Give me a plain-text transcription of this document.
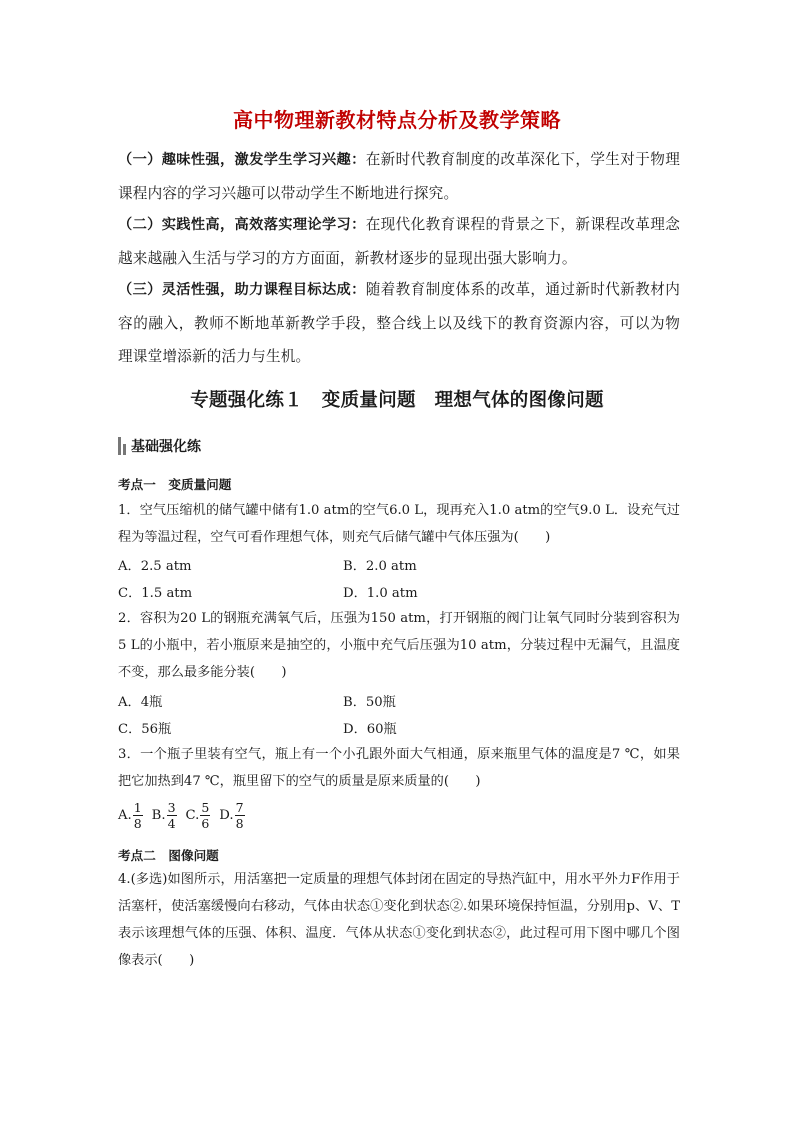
高中物理新教材特点分析及教学策略
（一）趣味性强，激发学生学习兴趣：在新时代教育制度的改革深化下，学生对于物理课程内容的学习兴趣可以带动学生不断地进行探究。
（二）实践性高，高效落实理论学习：在现代化教育课程的背景之下，新课程改革理念越来越融入生活与学习的方方面面，新教材逐步的显现出强大影响力。
（三）灵活性强，助力课程目标达成：随着教育制度体系的改革，通过新时代新教材内容的融入，教师不断地革新教学手段，整合线上以及线下的教育资源内容，可以为物理课堂增添新的活力与生机。
专题强化练１　变质量问题　理想气体的图像问题
基础强化练
考点一　变质量问题
1．空气压缩机的储气罐中储有1.0 atm的空气6.0 L，现再充入1.0 atm的空气9.0 L．设充气过程为等温过程，空气可看作理想气体，则充气后储气罐中气体压强为(　　)
A．2.5 atm	B．2.0 atm
C．1.5 atm	D．1.0 atm
2．容积为20 L的钢瓶充满氧气后，压强为150 atm，打开钢瓶的阀门让氧气同时分装到容积为5 L的小瓶中，若小瓶原来是抽空的，小瓶中充气后压强为10 atm，分装过程中无漏气，且温度不变，那么最多能分装(　　)
A．4瓶	B．50瓶
C．56瓶	D．60瓶
3．一个瓶子里装有空气，瓶上有一个小孔跟外面大气相通，原来瓶里气体的温度是7 ℃，如果把它加热到47 ℃，瓶里留下的空气的质量是原来质量的(　　)
A. $\frac{1}{8} B$. $\frac{3}{4} C$. $\frac{5}{6} D$. $\frac{7}{8}$
考点二　图像问题
4.(多选)如图所示，用活塞把一定质量的理想气体封闭在固定的导热汽缸中，用水平外力F作用于活塞杆，使活塞缓慢向右移动，气体由状态①变化到状态②.如果环境保持恒温，分别用p、V、T表示该理想气体的压强、体积、温度．气体从状态①变化到状态②，此过程可用下图中哪几个图像表示(　　)
